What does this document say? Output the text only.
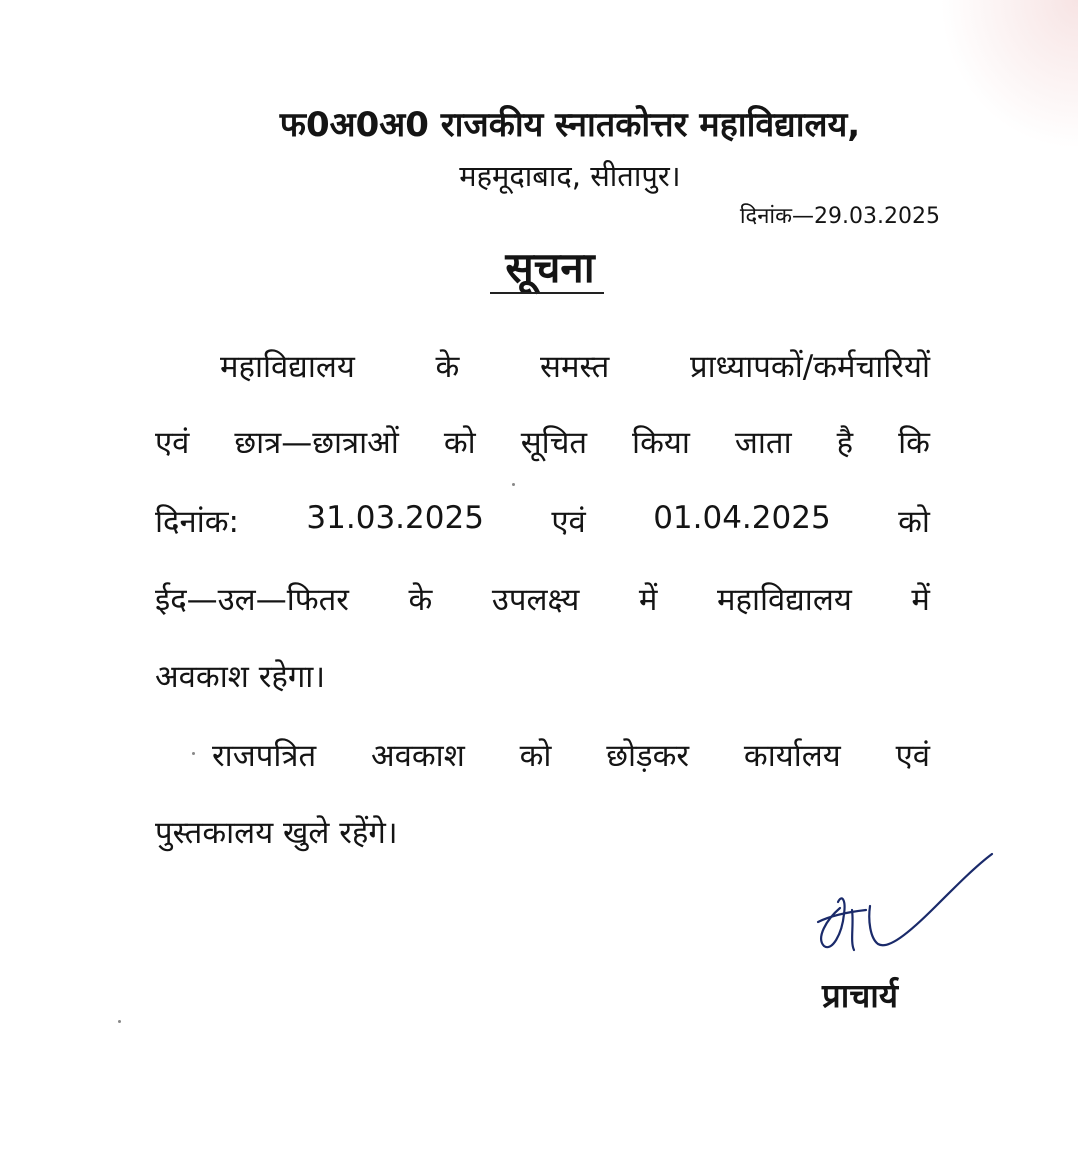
फ0अ0अ0 राजकीय स्नातकोत्तर महाविद्यालय,
महमूदाबाद, सीतापुर।
दिनांक—29.03.2025
सूचना
महाविद्यालय	के	समस्त	प्राध्यापकों/कर्मचारियों
एवं छात्र—छात्राओं को सूचित किया जाता है कि
दिनांक: 31.03.2025 एवं 01.04.2025 को
ईद—उल—फितर के उपलक्ष्य में महाविद्यालय में
अवकाश रहेगा।
राजपत्रित अवकाश को छोड़कर कार्यालय एवं
पुस्तकालय खुले रहेंगे।
प्राचार्य
